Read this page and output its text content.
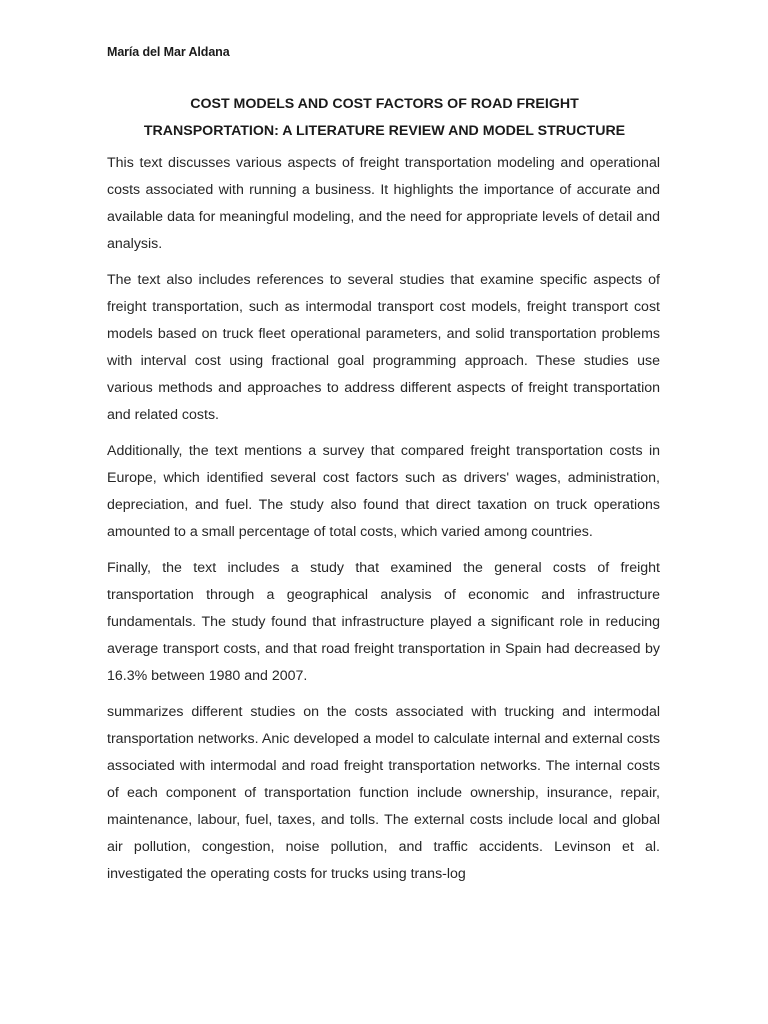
María del Mar Aldana
COST MODELS AND COST FACTORS OF ROAD FREIGHT
TRANSPORTATION: A LITERATURE REVIEW AND MODEL STRUCTURE

This text discusses various aspects of freight transportation modeling and operational costs associated with running a business. It highlights the importance of accurate and available data for meaningful modeling, and the need for appropriate levels of detail and analysis.

The text also includes references to several studies that examine specific aspects of freight transportation, such as intermodal transport cost models, freight transport cost models based on truck fleet operational parameters, and solid transportation problems with interval cost using fractional goal programming approach. These studies use various methods and approaches to address different aspects of freight transportation and related costs.

Additionally, the text mentions a survey that compared freight transportation costs in Europe, which identified several cost factors such as drivers' wages, administration, depreciation, and fuel. The study also found that direct taxation on truck operations amounted to a small percentage of total costs, which varied among countries.

Finally, the text includes a study that examined the general costs of freight transportation through a geographical analysis of economic and infrastructure fundamentals. The study found that infrastructure played a significant role in reducing average transport costs, and that road freight transportation in Spain had decreased by 16.3% between 1980 and 2007.

summarizes different studies on the costs associated with trucking and intermodal transportation networks. Anic developed a model to calculate internal and external costs associated with intermodal and road freight transportation networks. The internal costs of each component of transportation function include ownership, insurance, repair, maintenance, labour, fuel, taxes, and tolls. The external costs include local and global air pollution, congestion, noise pollution, and traffic accidents. Levinson et al. investigated the operating costs for trucks using trans-log
